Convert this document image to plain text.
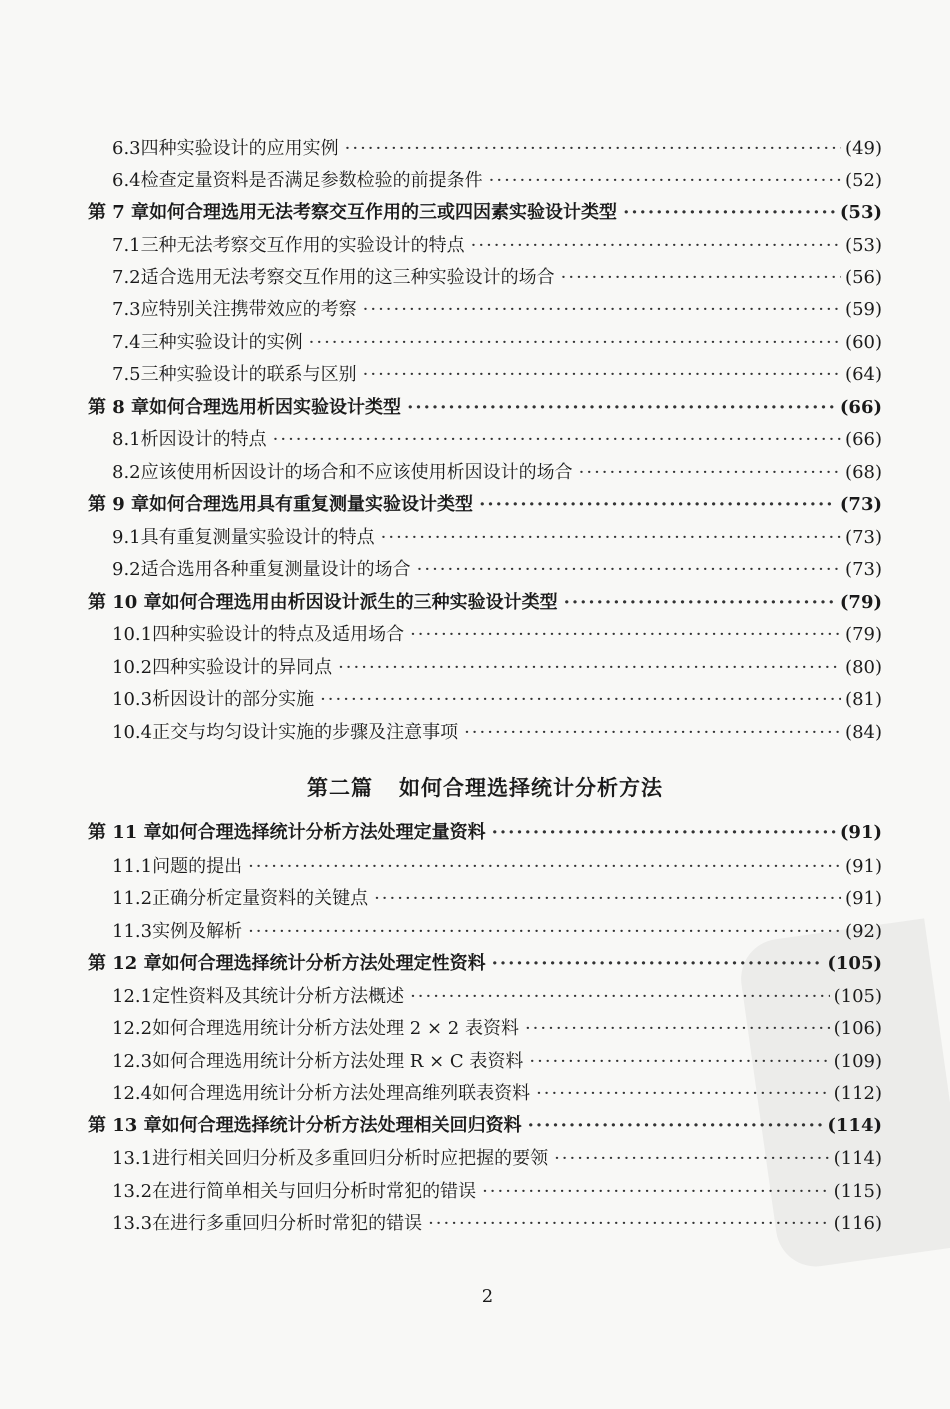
6.3 四种实验设计的应用实例 ·····	(49)
6.4 检查定量资料是否满足参数检验的前提条件 ·····	(52)
第 7 章 如何合理选用无法考察交互作用的三或四因素实验设计类型 ·····	(53)
7.1 三种无法考察交互作用的实验设计的特点 ·····	(53)
7.2 适合选用无法考察交互作用的这三种实验设计的场合 ·····	(56)
7.3 应特别关注携带效应的考察 ·····	(59)
7.4 三种实验设计的实例 ·····	(60)
7.5 三种实验设计的联系与区别 ·····	(64)
第 8 章 如何合理选用析因实验设计类型 ·····	(66)
8.1 析因设计的特点 ·····	(66)
8.2 应该使用析因设计的场合和不应该使用析因设计的场合 ·····	(68)
第 9 章 如何合理选用具有重复测量实验设计类型 ·····	(73)
9.1 具有重复测量实验设计的特点 ·····	(73)
9.2 适合选用各种重复测量设计的场合 ·····	(73)
第 10 章 如何合理选用由析因设计派生的三种实验设计类型 ·····	(79)
10.1 四种实验设计的特点及适用场合 ·····	(79)
10.2 四种实验设计的异同点 ·····	(80)
10.3 析因设计的部分实施 ·····	(81)
10.4 正交与均匀设计实施的步骤及注意事项 ·····	(84)
第二篇 如何合理选择统计分析方法
第 11 章 如何合理选择统计分析方法处理定量资料 ·····	(91)
11.1 问题的提出 ·····	(91)
11.2 正确分析定量资料的关键点 ·····	(91)
11.3 实例及解析 ·····	(92)
第 12 章 如何合理选择统计分析方法处理定性资料 ·····	(105)
12.1 定性资料及其统计分析方法概述 ·····	(105)
12.2 如何合理选用统计分析方法处理 2 × 2 表资料 ·····	(106)
12.3 如何合理选用统计分析方法处理 R × C 表资料 ·····	(109)
12.4 如何合理选用统计分析方法处理高维列联表资料 ·····	(112)
第 13 章 如何合理选择统计分析方法处理相关回归资料 ·····	(114)
13.1 进行相关回归分析及多重回归分析时应把握的要领 ·····	(114)
13.2 在进行简单相关与回归分析时常犯的错误 ·····	(115)
13.3 在进行多重回归分析时常犯的错误 ·····	(116)
2
